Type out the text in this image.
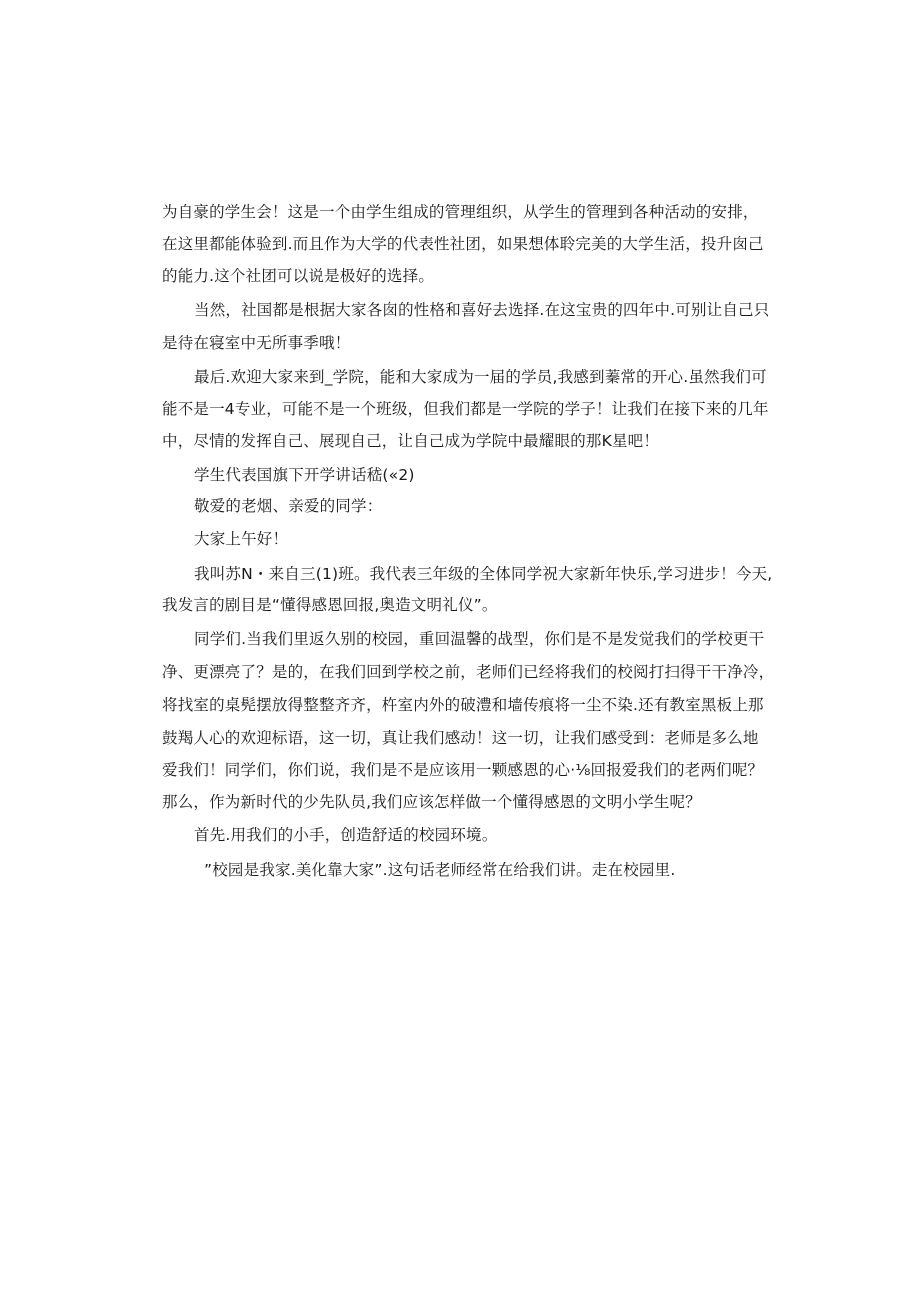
为自豪的学生会！这是一个由学生组成的管理组织，从学生的管理到各种活动的安排，
在这里都能体验到.而且作为大学的代表性社团，如果想体聆完美的大学生活，投升囱己
的能力.这个社团可以说是极好的选择。
当然，社国都是根据大家各囱的性格和喜好去选择.在这宝贵的四年中.可别让自己只
是待在寝室中无所事季哦！
最后.欢迎大家来到_学院，能和大家成为一届的学员,我感到蓁常的开心.虽然我们可
能不是一4专业，可能不是一个班级，但我们都是一学院的学子！让我们在接下来的几年
中，尽情的发挥自己、展现自己，让自己成为学院中最耀眼的那K星吧！
学生代表国旗下开学讲话嵇(«2)
敬爱的老烟、亲爱的同学：
大家上午好！
我叫苏N・来自三(1)班。我代表三年级的全体同学祝大家新年快乐,学习进步！今天,
我发言的剧目是“懂得感恩回报,奥造文明礼仪”。
同学们.当我们里返久别的校园，重回温馨的战型，你们是不是发觉我们的学校更干
净、更漂亮了？是的，在我们回到学校之前，老师们已经将我们的校阅打扫得干干净冷，
将找室的桌髡摆放得整整齐齐，杵室内外的破澧和墙传痕将一尘不染.还有教室黑板上那
鼓羯人心的欢迎标语，这一切，真让我们感动！这一切，让我们感受到：老师是多么地
爱我们！同学们，你们说，我们是不是应该用一颗感恩的心·⅛回报爱我们的老两们呢？
那么，作为新时代的少先队员,我们应该怎样做一个懂得感恩的文明小学生呢？
首先.用我们的小手，创造舒适的校园环境。
”校园是我家.美化靠大家”.这句话老师经常在给我们讲。走在校园里.
